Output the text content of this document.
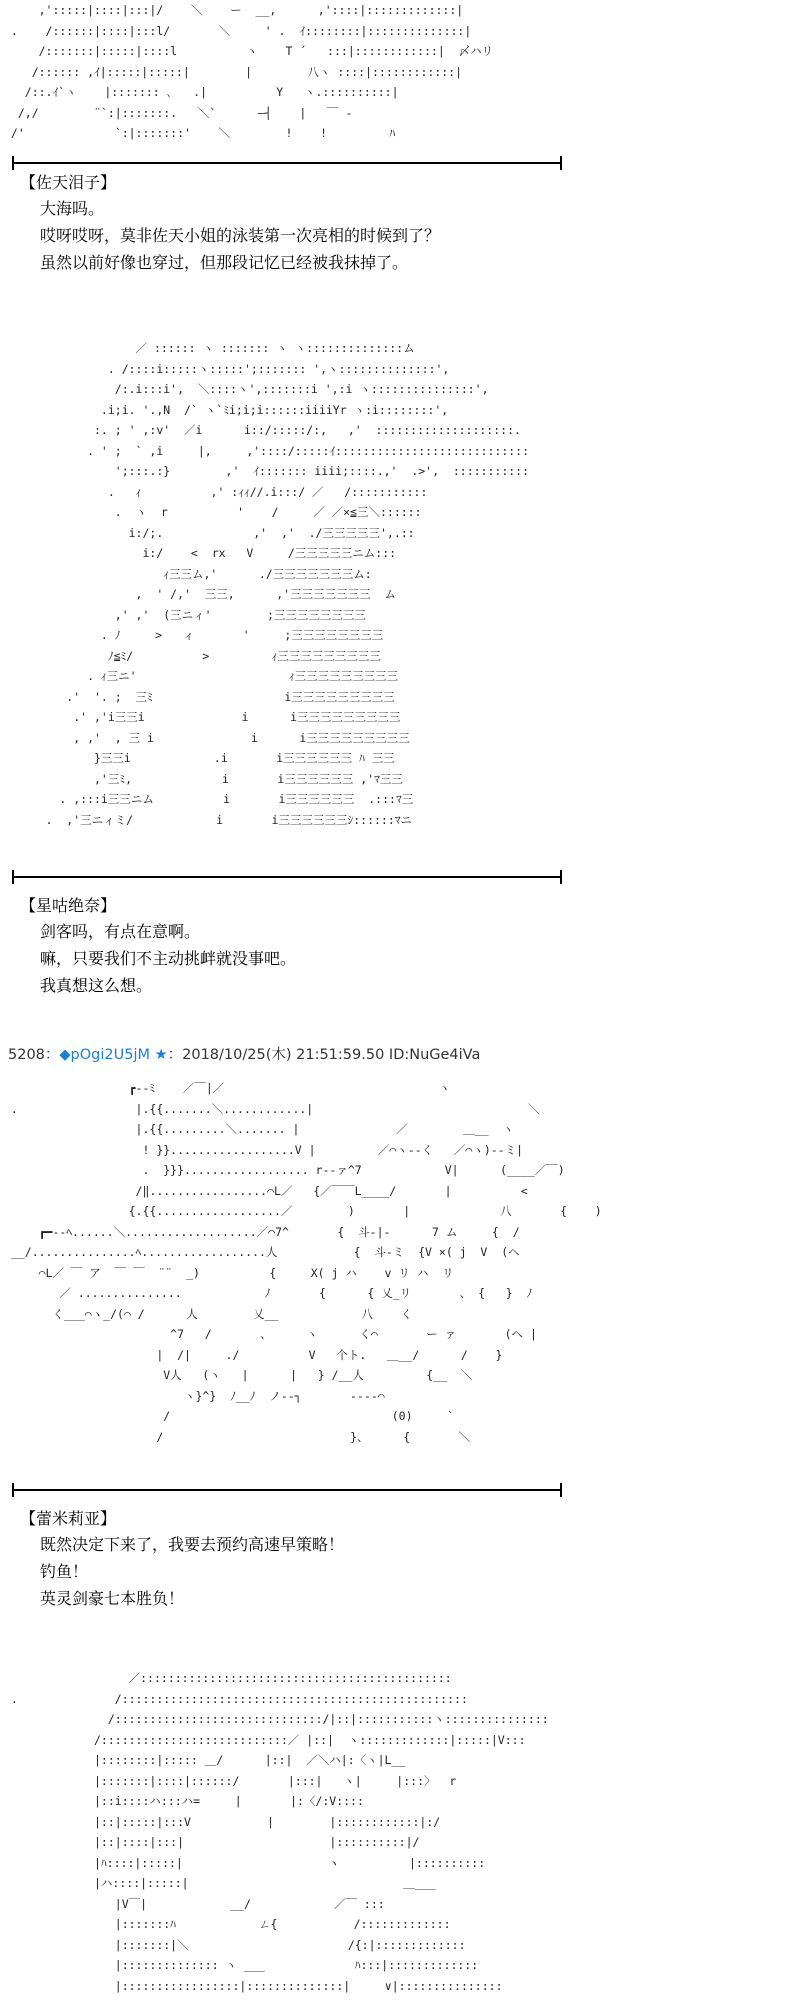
,':::::|::::|:::|/    ＼    ー  __,      ,'::::|:::::::::::::|
.    /::::::|::::|:::l/       ＼     ' .  ｲ::::::::|::::::::::::::|
/:::::::|:::::|::::l          ヽ    T ´   :::|::::::::::::|  〆ハリ
/:::::: ,ｲ|:::::|:::::|        |        八ヽ ::::|::::::::::::|
/::.ｲ`ヽ    |::::::: ､   .|          Y   ヽ.::::::::::|
/,/        ¨`:|:::::::.   ＼`      ―┤    |   ￣ -
/'             `:|:::::::'    ＼        !    !         ﾊ
【佐天泪子】
大海吗。
哎呀哎呀，莫非佐天小姐的泳装第一次亮相的时候到了？
虽然以前好像也穿过，但那段记忆已经被我抹掉了。
／ :::::: ヽ ::::::: ヽ ヽ::::::::::::::ム
. /::::i:::::ヽ:::::';::::::: ',ヽ::::::::::::::',
/:.i:::i',  ＼::::ヽ',:::::::i ',:i ヽ:::::::::::::::',
.i;i. '.,N  /` ヽ`ﾐi;i;i::::::iiiiYr ヽ:i::::::::',
:. ; ' ,:v'  ／i      i::/:::::/:,   ,'  ::::::::::::::::::::.
. ' ;  ` ,i     |,     ,'::::/:::::ｲ::::::::::::::::::::::::::::
';:::.:}        ,'  ｲ::::::: iiii;::::.,'  .>',  :::::::::::
.   ｨ          ,' :ｨｨ//.i:::/ ／   /:::::::::::
.  ヽ  r          '    /     ／ ／×≦三＼::::::
i:/;.             ,'  ,'  ./三三三三三',.::
i:/    <  rx   V     /三三三三三ニム:::
ｨ三三ム,'      ./三三三三三三三ム:
,  ' /,'  三三,      ,'三三三三三三三  ム
,' ,'  (三ニィ'        ;三三三三三三三三
. ﾉ     >   ィ       '     ;三三三三三三三三
ﾉ≦ﾐ/          >         ｨ三三三三三三三三三
. ｨ三ニ'                      ｨ三三三三三三三三三
.'  '. ;  三ﾐ                   i三三三三三三三三三
.' ,'i三三i              i      i三三三三三三三三三
, ,'  , 三 i              i      i三三三三三三三三三
}三三i            .i       i三三三三三三 ﾊ 三三
,'三ﾐ,             i       i三三三三三三 ,'ﾏ三三
. ,:::i三三ニム          i       i三三三三三三  .:::ﾏ三
.  ,'三ニィミ/            i       i三三三三三三ｼ::::::ﾏニ
【星咕绝奈】
剑客吗，有点在意啊。
嘛，只要我们不主动挑衅就没事吧。
我真想这么想。
5208：◆pOgi2U5jM ★：2018/10/25(木) 21:51:59.50 ID:NuGe4iVa
┏--ﾐ    ／￣|／                               ヽ
.                 |.{{.......＼............|                               ＼
|.{{.........＼....... |              ／        ＿__  ヽ
! }}..................V |         ／⌒ヽ-‐く   ／⌒ヽ)--ミ|
.  }}}.................. r-‐ァ^7            V|      (____／￣)
/‖.................⌒L／   {／￣￣L____/       |          <
{.{{..................／        )       |             八       {    )
┏━--ﾍ......＼...................／⌒7^       {  斗‐|‐      7 ム     {  /
__/...............ﾍ..................人           {  斗‐ミ  {V ×( j  V  (ヘ
⌒L／ ￣ ア  ￣ ￣  ¨¨  _)          {     X( j ハ    v リ ハ  リ
／ ...............            ﾉ       {      { 乂_リ       、 {   }  ﾉ
く___⌒ヽ_/(⌒ /      人        乂__            八    く
^7   /       、     ヽ      く⌒       ー ァ       (へ |
|  /|     ./          V   个ト.   ＿__/      /    }
V人   (ヽ   |      |   } /__人         {__  ＼
ヽ}^}  ﾉ__ﾉ  ノ‐‐┐       ---‐⌒
/                                (0)     `
/                           }、     {       ＼
【蕾米莉亚】
既然决定下来了，我要去预约高速早策略！
钓鱼！
英灵剑豪七本胜负！
／:::::::::::::::::::::::::::::::::::::::::::::
.              /::::::::::::::::::::::::::::::::::::::::::::::::::
/::::::::::::::::::::::::::::::/|::|:::::::::::ヽ:::::::::::::::
/:::::::::::::::::::::::::::／ |::|  ヽ:::::::::::::|:::::|V:::
|::::::::|::::: ＿/      |::|  ／＼ハ|:〈ヽ|L__
|:::::::|::::|::::::/       |:::|   ヽ|     |:::〉  r
|::i::::ハ:::ハ=     |       |:〈/:V::::
|::|:::::|:::V           |        |::::::::::::|:/
|::|::::|:::|                     |::::::::::|/
|ﾊ::::|:::::|                     ヽ          |::::::::::
|ハ::::|:::::|                               ＿___
|V￣|            __/            ／￣ :::
|:::::::ﾊ            ㄥ{           /:::::::::::::
|:::::::|＼                       /{:|:::::::::::::
|:::::::::::::: ヽ ___             ﾊ:::|:::::::::::::
|:::::::::::::::::|::::::::::::::|     ∨|:::::::::::::::
